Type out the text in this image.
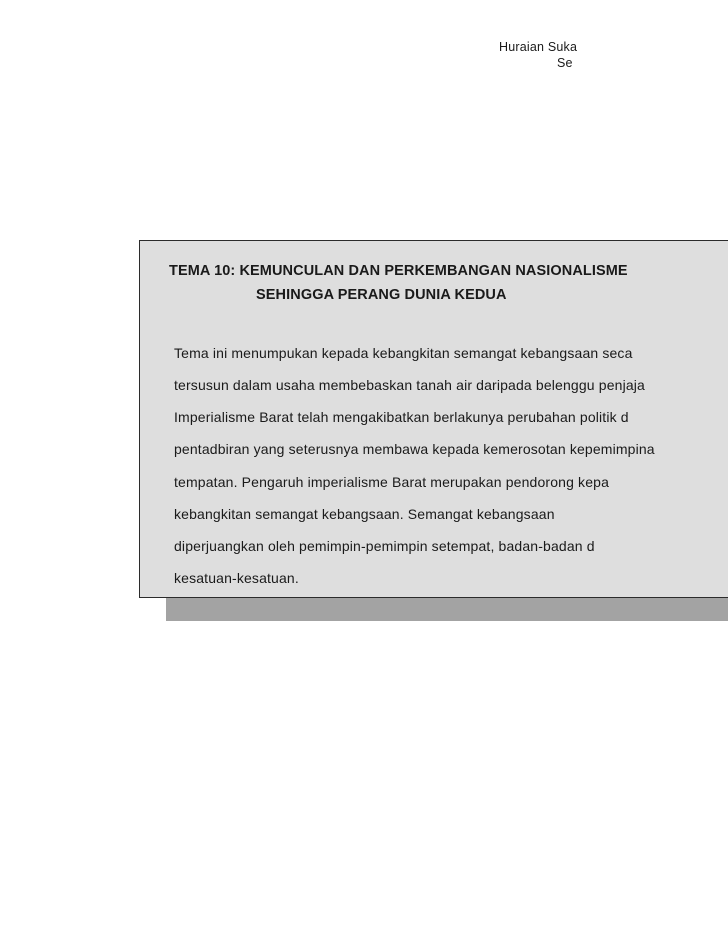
Huraian Suka
Se
TEMA 10: KEMUNCULAN DAN PERKEMBANGAN NASIONALISME
SEHINGGA PERANG DUNIA KEDUA
Tema ini menumpukan kepada kebangkitan semangat kebangsaan seca
tersusun dalam usaha membebaskan tanah air daripada belenggu penjaja
Imperialisme Barat telah mengakibatkan berlakunya perubahan politik d
pentadbiran yang seterusnya membawa kepada kemerosotan kepemimpina
tempatan. Pengaruh imperialisme Barat merupakan pendorong kepa
kebangkitan semangat kebangsaan. Semangat kebangsaan
diperjuangkan oleh pemimpin-pemimpin setempat, badan-badan d
kesatuan-kesatuan.
